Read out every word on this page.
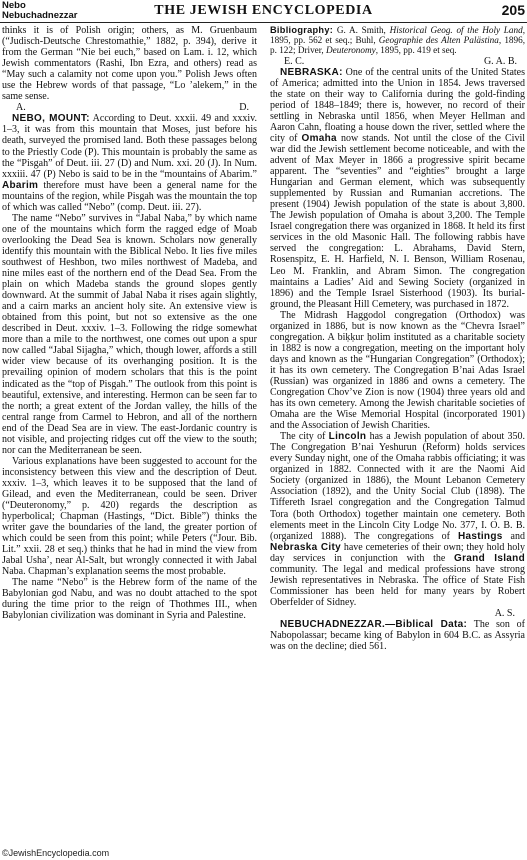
Nebo
Nebuchadnezzar	THE JEWISH ENCYCLOPEDIA	205

thinks it is of Polish origin; others, as M. Gruenbaum (“Judisch-Deutsche Chrestomathie,” 1882, p. 394), derive it from the German “Nie bei euch,” based on Lam. i. 12, which Jewish commentators (Rashi, Ibn Ezra, and others) read as “May such a calamity not come upon you.” Polish Jews often use the Hebrew words of that passage, “Lo ’alekem,” in the same sense.

A.	D.

NEBO, MOUNT: According to Deut. xxxii. 49 and xxxiv. 1–3, it was from this mountain that Moses, just before his death, surveyed the promised land. Both these passages belong to the Priestly Code (P). This mountain is probably the same as the “Pisgah” of Deut. iii. 27 (D) and Num. xxi. 20 (J). In Num. xxxiii. 47 (P) Nebo is said to be in the “mountains of Abarim.” Abarim therefore must have been a general name for the mountains of the region, while Pisgah was the mountain the top of which was called “Nebo” (comp. Deut. iii. 27).

The name “Nebo” survives in “Jabal Naba,” by which name one of the mountains which form the ragged edge of Moab overlooking the Dead Sea is known. Scholars now generally identify this mountain with the Biblical Nebo. It lies five miles southwest of Heshbon, two miles northwest of Madeba, and nine miles east of the northern end of the Dead Sea. From the plain on which Madeba stands the ground slopes gently downward. At the summit of Jabal Naba it rises again slightly, and a cairn marks an ancient holy site. An extensive view is obtained from this point, but not so extensive as the one described in Deut. xxxiv. 1–3. Following the ridge somewhat more than a mile to the northwest, one comes out upon a spur now called “Jabal Sijagha,” which, though lower, affords a still wider view because of its overhanging position. It is the prevailing opinion of modern scholars that this is the point indicated as the “top of Pisgah.” The outlook from this point is beautiful, extensive, and interesting. Hermon can be seen far to the north; a great extent of the Jordan valley, the hills of the central range from Carmel to Hebron, and all of the northern end of the Dead Sea are in view. The east-Jordanic country is not visible, and projecting ridges cut off the view to the south; nor can the Mediterranean be seen.

Various explanations have been suggested to account for the inconsistency between this view and the description of Deut. xxxiv. 1–3, which leaves it to be supposed that the land of Gilead, and even the Mediterranean, could be seen. Driver (“Deuteronomy,” p. 420) regards the description as hyperbolical; Chapman (Hastings, “Dict. Bible”) thinks the writer gave the boundaries of the land, the greater portion of which could be seen from this point; while Peters (“Jour. Bib. Lit.” xxii. 28 et seq.) thinks that he had in mind the view from Jabal Usha’, near Al-Salt, but wrongly connected it with Jabal Naba. Chapman’s explanation seems the most probable.

The name “Nebo” is the Hebrew form of the name of the Babylonian god Nabu, and was no doubt attached to the spot during the time prior to the reign of Thothmes III., when Babylonian civilization was dominant in Syria and Palestine.

Bibliography: G. A. Smith, Historical Geog. of the Holy Land, 1895, pp. 562 et seq.; Buhl, Geographie des Alten Palästina, 1896, p. 122; Driver, Deuteronomy, 1895, pp. 419 et seq.

E. C.	G. A. B.

NEBRASKA: One of the central units of the United States of America; admitted into the Union in 1854. Jews traversed the state on their way to California during the gold-finding period of 1848–1849; there is, however, no record of their settling in Nebraska until 1856, when Meyer Hellman and Aaron Cahn, floating a house down the river, settled where the city of Omaha now stands. Not until the close of the Civil war did the Jewish settlement become noticeable, and with the advent of Max Meyer in 1866 a progressive spirit became apparent. The “seventies” and “eighties” brought a large Hungarian and German element, which was subsequently supplemented by Russian and Rumanian accretions. The present (1904) Jewish population of the state is about 3,800. The Jewish population of Omaha is about 3,200. The Temple Israel congregation there was organized in 1868. It held its first services in the old Masonic Hall. The following rabbis have served the congregation: L. Abrahams, David Stern, Rosenspitz, E. H. Harfield, N. I. Benson, William Rosenau, Leo M. Franklin, and Abram Simon. The congregation maintains a Ladies’ Aid and Sewing Society (organized in 1896) and the Temple Israel Sisterhood (1903). Its burial-ground, the Pleasant Hill Cemetery, was purchased in 1872.

The Midrash Haggodol congregation (Orthodox) was organized in 1886, but is now known as the “Chevra Israel” congregation. A biḳḳur ḥolim instituted as a charitable society in 1882 is now a congregation, meeting on the important holy days and known as the “Hungarian Congregation” (Orthodox); it has its own cemetery. The Congregation B’nai Adas Israel (Russian) was organized in 1886 and owns a cemetery. The Congregation Chov’ve Zion is now (1904) three years old and has its own cemetery. Among the Jewish charitable societies of Omaha are the Wise Memorial Hospital (incorporated 1901) and the Association of Jewish Charities.

The city of Lincoln has a Jewish population of about 350. The Congregation B’nai Yeshurun (Reform) holds services every Sunday night, one of the Omaha rabbis officiating; it was organized in 1882. Connected with it are the Naomi Aid Society (organized in 1886), the Mount Lebanon Cemetery Association (1892), and the Unity Social Club (1898). The Tiffereth Israel congregation and the Congregation Talmud Tora (both Orthodox) together maintain one cemetery. Both elements meet in the Lincoln City Lodge No. 377, I. O. B. B. (organized 1888). The congregations of Hastings and Nebraska City have cemeteries of their own; they hold holy day services in conjunction with the Grand Island community. The legal and medical professions have strong Jewish representatives in Nebraska. The office of State Fish Commissioner has been held for many years by Robert Oberfelder of Sidney.

A. S.

NEBUCHADNEZZAR.—Biblical Data: The son of Nabopolassar; became king of Babylon in 604 B.C. as Assyria was on the decline; died 561.

©JewishEncyclopedia.com
